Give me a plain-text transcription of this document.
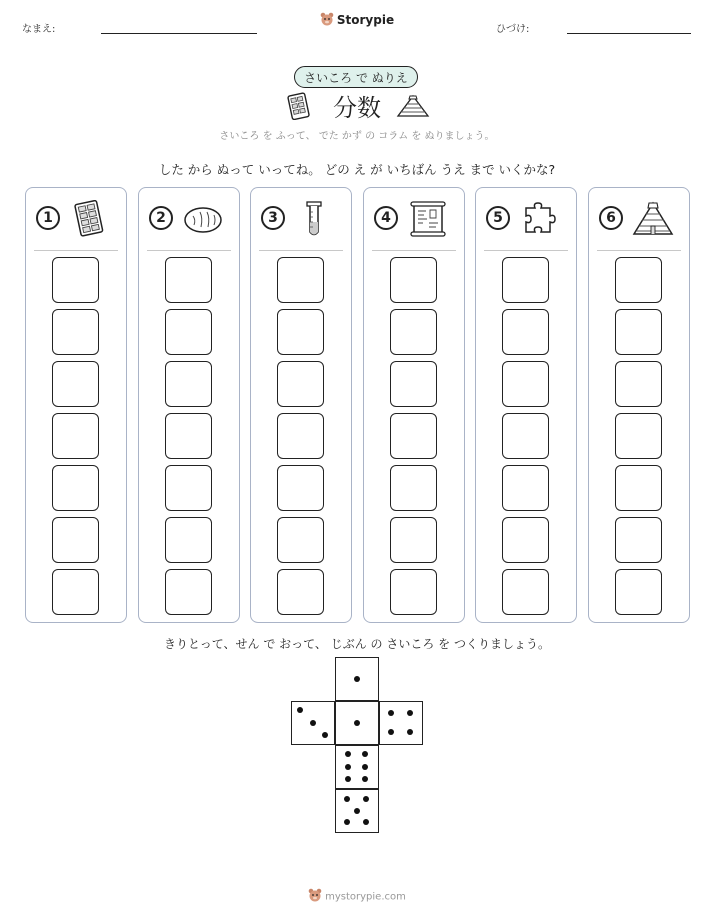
なまえ:
Storypie
ひづけ:
さいころ で ぬりえ
分数
さいころ を ふって、 でた かず の コラム を ぬりましょう。
した から ぬって いってね。 どの え が いちばん うえ まで いくかな?
1	2	3	4	5	6
きりとって、せん で おって、 じぶん の さいころ を つくりましょう。
mystorypie.com
